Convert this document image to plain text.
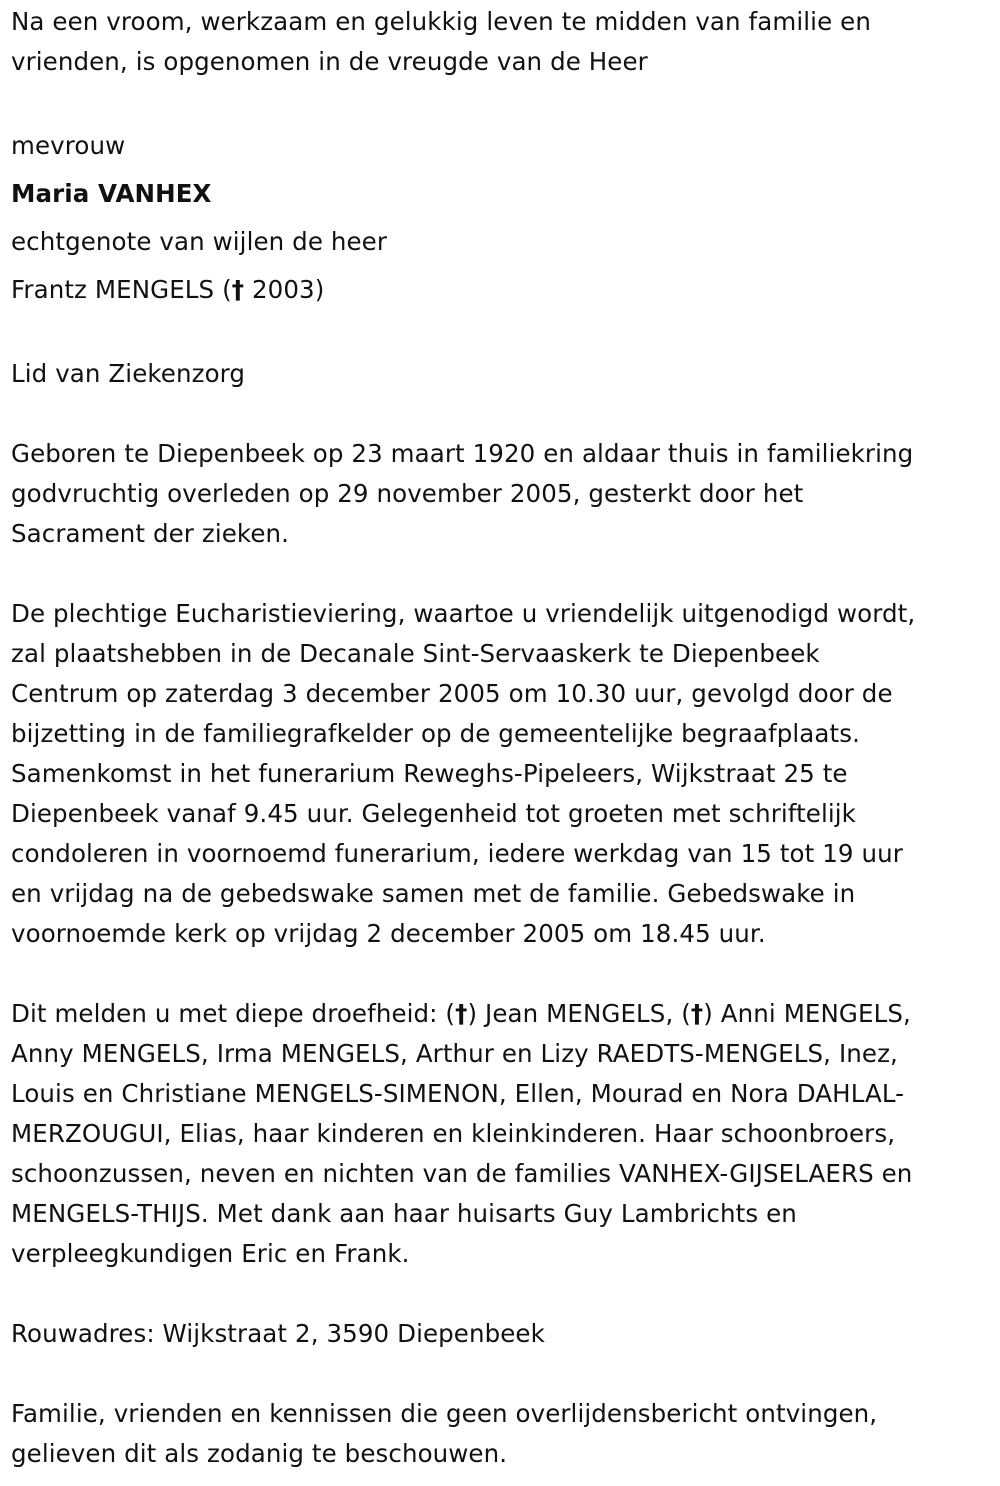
Na een vroom, werkzaam en gelukkig leven te midden van familie en
vrienden, is opgenomen in de vreugde van de Heer
mevrouw
Maria VANHEX
echtgenote van wijlen de heer
Frantz MENGELS († 2003)
Lid van Ziekenzorg
Geboren te Diepenbeek op 23 maart 1920 en aldaar thuis in familiekring
godvruchtig overleden op 29 november 2005, gesterkt door het
Sacrament der zieken.
De plechtige Eucharistieviering, waartoe u vriendelijk uitgenodigd wordt,
zal plaatshebben in de Decanale Sint-Servaaskerk te Diepenbeek
Centrum op zaterdag 3 december 2005 om 10.30 uur, gevolgd door de
bijzetting in de familiegrafkelder op de gemeentelijke begraafplaats.
Samenkomst in het funerarium Reweghs-Pipeleers, Wijkstraat 25 te
Diepenbeek vanaf 9.45 uur. Gelegenheid tot groeten met schriftelijk
condoleren in voornoemd funerarium, iedere werkdag van 15 tot 19 uur
en vrijdag na de gebedswake samen met de familie. Gebedswake in
voornoemde kerk op vrijdag 2 december 2005 om 18.45 uur.
Dit melden u met diepe droefheid: (†) Jean MENGELS, (†) Anni MENGELS,
Anny MENGELS, Irma MENGELS, Arthur en Lizy RAEDTS-MENGELS, Inez,
Louis en Christiane MENGELS-SIMENON, Ellen, Mourad en Nora DAHLAL-
MERZOUGUI, Elias, haar kinderen en kleinkinderen. Haar schoonbroers,
schoonzussen, neven en nichten van de families VANHEX-GIJSELAERS en
MENGELS-THIJS. Met dank aan haar huisarts Guy Lambrichts en
verpleegkundigen Eric en Frank.
Rouwadres: Wijkstraat 2, 3590 Diepenbeek
Familie, vrienden en kennissen die geen overlijdensbericht ontvingen,
gelieven dit als zodanig te beschouwen.
